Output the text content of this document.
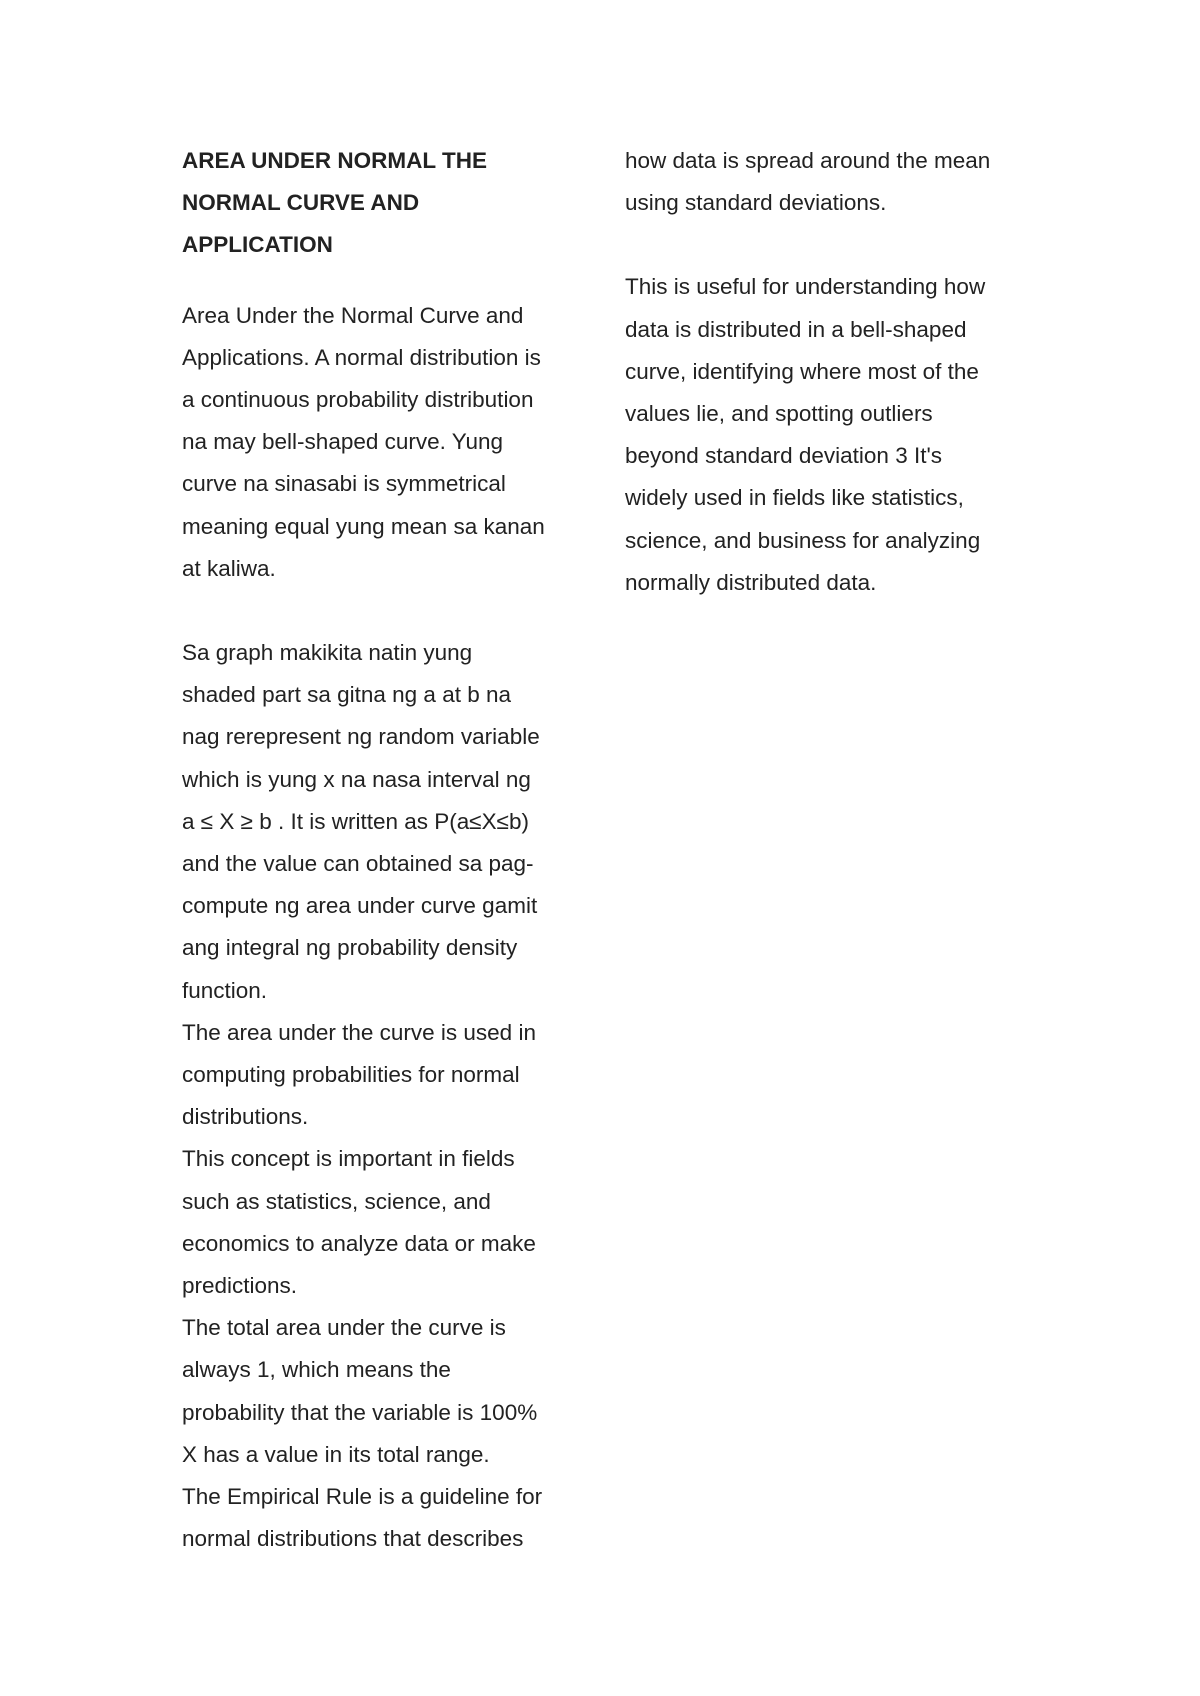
AREA UNDER NORMAL THE
NORMAL CURVE AND
APPLICATION
Area Under the Normal Curve and
Applications. A normal distribution is
a continuous probability distribution
na may bell-shaped curve. Yung
curve na sinasabi is symmetrical
meaning equal yung mean sa kanan
at kaliwa.
Sa graph makikita natin yung
shaded part sa gitna ng a at b na
nag rerepresent ng random variable
which is yung x na nasa interval ng
a ≤ X ≥ b . It is written as P(a≤X≤b)
and the value can obtained sa pag-
compute ng area under curve gamit
ang integral ng probability density
function.
The area under the curve is used in
computing probabilities for normal
distributions.
This concept is important in fields
such as statistics, science, and
economics to analyze data or make
predictions.
The total area under the curve is
always 1, which means the
probability that the variable is 100%
X has a value in its total range.
The Empirical Rule is a guideline for
normal distributions that describes
how data is spread around the mean
using standard deviations.
This is useful for understanding how
data is distributed in a bell-shaped
curve, identifying where most of the
values lie, and spotting outliers
beyond standard deviation 3 It's
widely used in fields like statistics,
science, and business for analyzing
normally distributed data.
